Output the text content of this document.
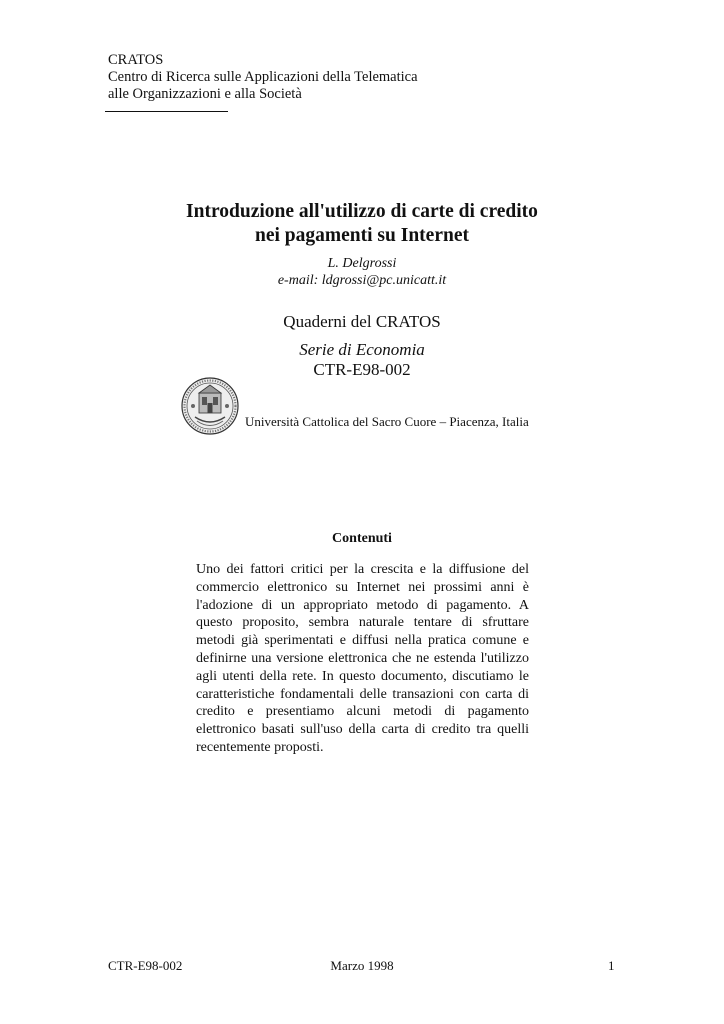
CRATOS
Centro di Ricerca sulle Applicazioni della Telematica
alle Organizzazioni e alla Società
Introduzione all'utilizzo di carte di credito
nei pagamenti su Internet
L. Delgrossi
e-mail: ldgrossi@pc.unicatt.it
Quaderni del CRATOS
Serie di Economia
CTR-E98-002
Università Cattolica del Sacro Cuore – Piacenza, Italia
Contenuti
Uno dei fattori critici per la crescita e la diffusione del commercio elettronico su Internet nei prossimi anni è l'adozione di un appropriato metodo di pagamento. A questo proposito, sembra naturale tentare di sfruttare metodi già sperimentati e diffusi nella pratica comune e definirne una versione elettronica che ne estenda l'utilizzo agli utenti della rete. In questo documento, discutiamo le caratteristiche fondamentali delle transazioni con carta di credito e presentiamo alcuni metodi di pagamento elettronico basati sull'uso della carta di credito tra quelli recentemente proposti.
CTR-E98-002	Marzo 1998	1
